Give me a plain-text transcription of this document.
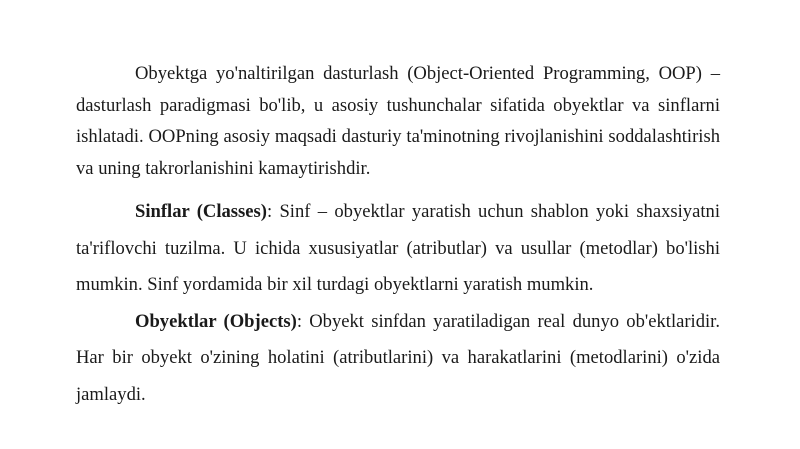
Obyektga yo'naltirilgan dasturlash (Object-Oriented Programming, OOP) – dasturlash paradigmasi bo'lib, u asosiy tushunchalar sifatida obyektlar va sinflarni ishlatadi. OOPning asosiy maqsadi dasturiy ta'minotning rivojlanishini soddalashtirish va uning takrorlanishini kamaytirishdir.

Sinflar (Classes): Sinf – obyektlar yaratish uchun shablon yoki shaxsiyatni ta'riflovchi tuzilma. U ichida xususiyatlar (atributlar) va usullar (metodlar) bo'lishi mumkin. Sinf yordamida bir xil turdagi obyektlarni yaratish mumkin.

Obyektlar (Objects): Obyekt sinfdan yaratiladigan real dunyo ob'ektlaridir. Har bir obyekt o'zining holatini (atributlarini) va harakatlarini (metodlarini) o'zida jamlaydi.
